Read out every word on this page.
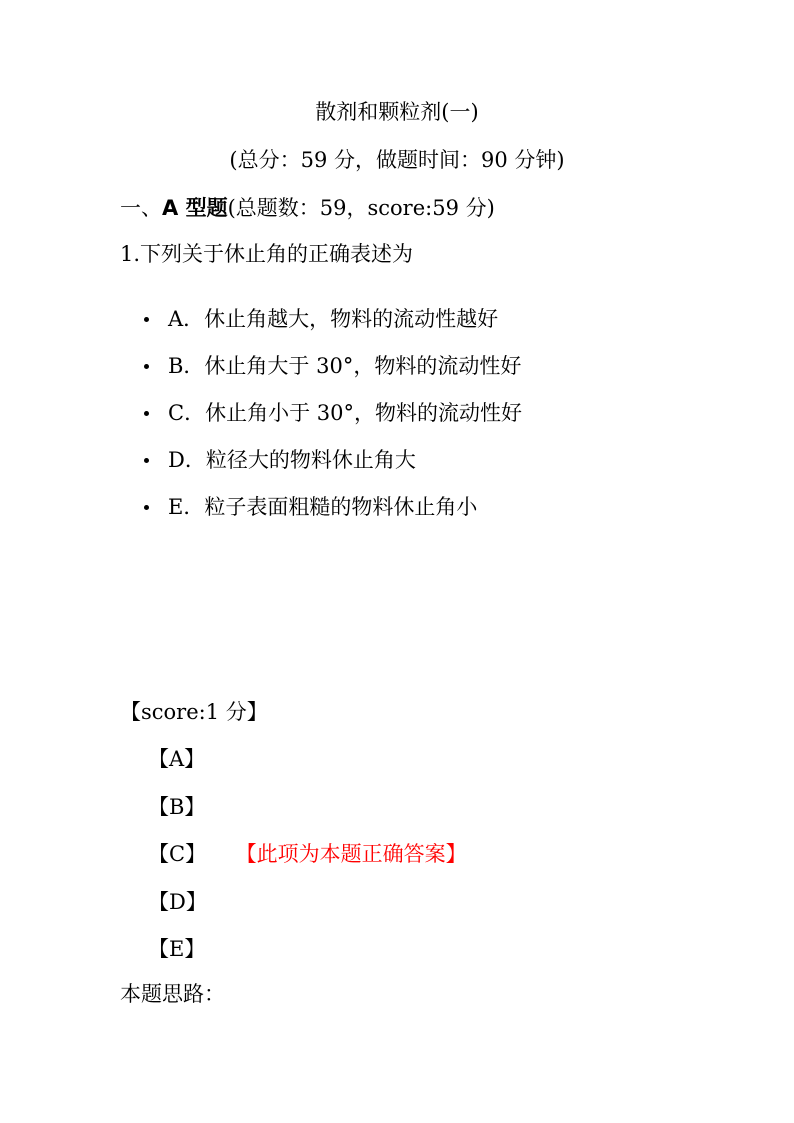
散剂和颗粒剂(一)
(总分：59 分，做题时间：90 分钟)
一、A 型题(总题数：59，score:59 分)
1.下列关于休止角的正确表述为
A．休止角越大，物料的流动性越好
B．休止角大于 30°，物料的流动性好
C．休止角小于 30°，物料的流动性好
D．粒径大的物料休止角大
E．粒子表面粗糙的物料休止角小
【score:1 分】
【A】
【B】
【C】 【此项为本题正确答案】
【D】
【E】
本题思路：
